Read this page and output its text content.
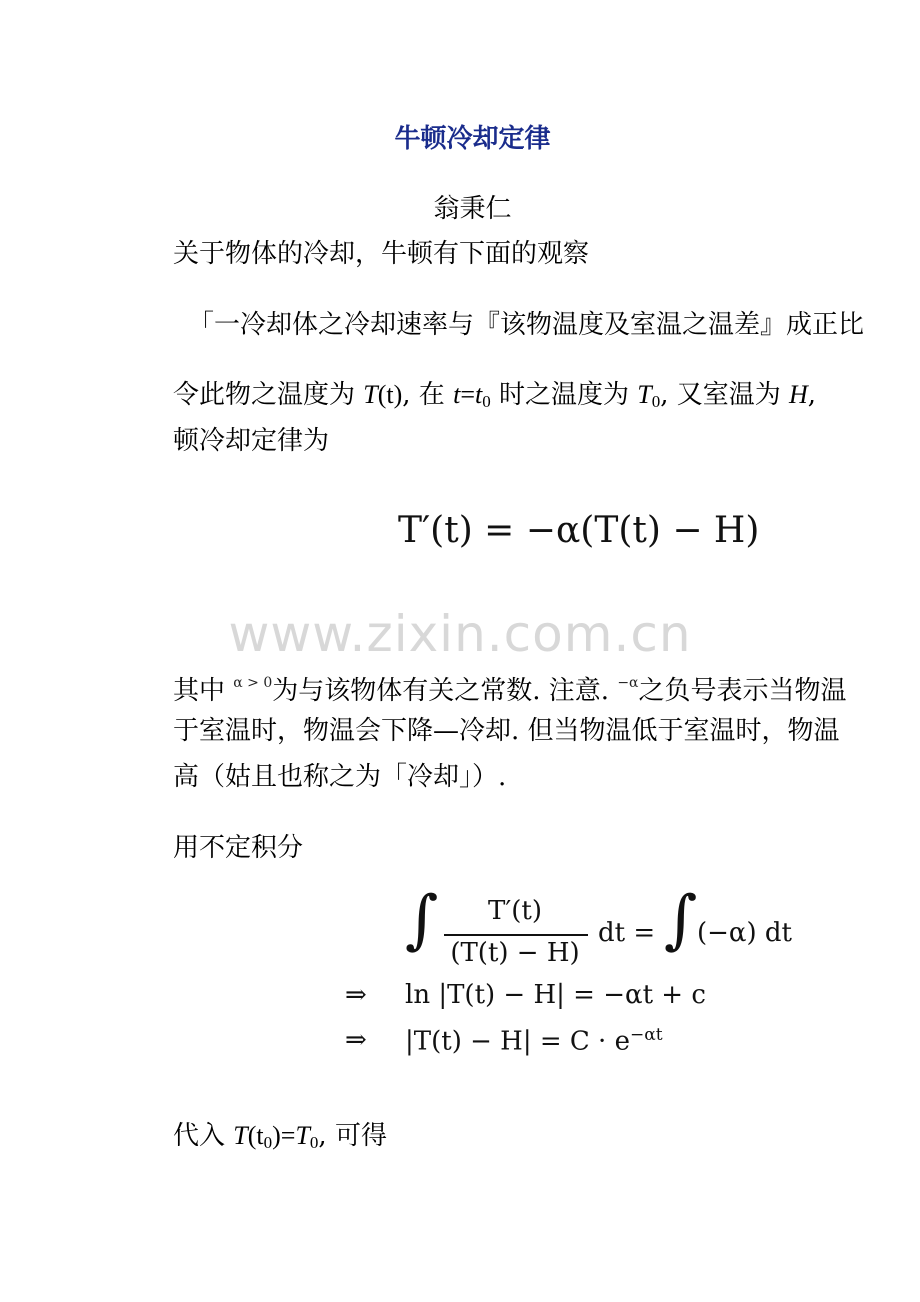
牛顿冷却定律
翁秉仁
关于物体的冷却，牛顿有下面的观察
「一冷却体之冷却速率与『该物温度及室温之温差』成正比
令此物之温度为 T(t), 在 $t=t_0$ 时之温度为 $T_0$, 又室温为 H,
顿冷却定律为
T′(t) = −α(T(t) − H)
www.zixin.com.cn
其中 $^{\alpha > 0}$为与该物体有关之常数. 注意. $^{-\alpha}$之负号表示当物温
于室温时，物温会下降—冷却. 但当物温低于室温时，物温
高（姑且也称之为「冷却」）.
用不定积分
∫	T′(t)
(T(t) − H)
dt = ∫ (−α) dt
⇒ ln |T(t) − H| = −αt + c
⇒ $|T(t) - H| = C \cdot e^{-\alpha t}$
代入 $T(t_0)=T_0$, 可得
